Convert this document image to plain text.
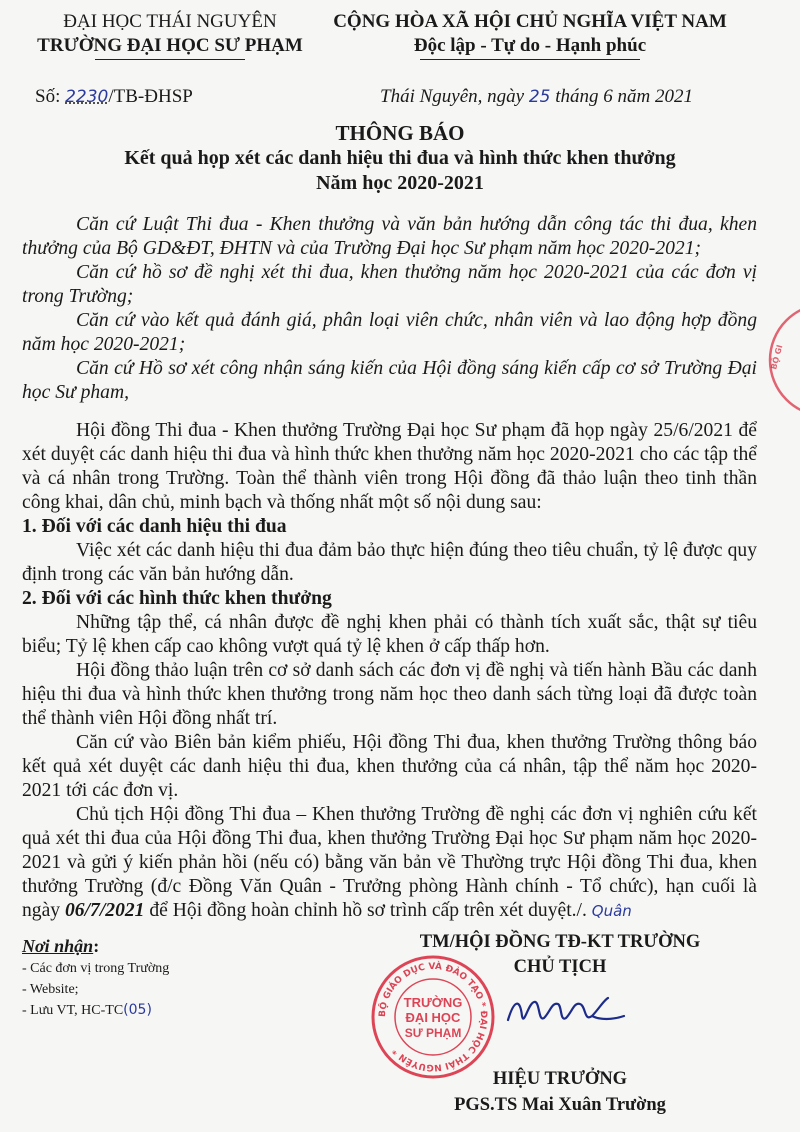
ĐẠI HỌC THÁI NGUYÊN
TRƯỜNG ĐẠI HỌC SƯ PHẠM
CỘNG HÒA XÃ HỘI CHỦ NGHĨA VIỆT NAM
Độc lập - Tự do - Hạnh phúc
Số: 2230/TB-ĐHSP	Thái Nguyên, ngày 25 tháng 6 năm 2021
THÔNG BÁO
Kết quả họp xét các danh hiệu thi đua và hình thức khen thưởng
Năm học 2020-2021

Căn cứ Luật Thi đua - Khen thưởng và văn bản hướng dẫn công tác thi đua, khen thưởng của Bộ GD&ĐT, ĐHTN và của Trường Đại học Sư phạm năm học 2020-2021;

Căn cứ hồ sơ đề nghị xét thi đua, khen thưởng năm học 2020-2021 của các đơn vị trong Trường;

Căn cứ vào kết quả đánh giá, phân loại viên chức, nhân viên và lao động hợp đồng năm học 2020-2021;

Căn cứ Hồ sơ xét công nhận sáng kiến của Hội đồng sáng kiến cấp cơ sở Trường Đại học Sư pham,

Hội đồng Thi đua - Khen thưởng Trường Đại học Sư phạm đã họp ngày 25/6/2021 để xét duyệt các danh hiệu thi đua và hình thức khen thưởng năm học 2020-2021 cho các tập thể và cá nhân trong Trường. Toàn thể thành viên trong Hội đồng đã thảo luận theo tinh thần công khai, dân chủ, minh bạch và thống nhất một số nội dung sau:

1. Đối với các danh hiệu thi đua

Việc xét các danh hiệu thi đua đảm bảo thực hiện đúng theo tiêu chuẩn, tỷ lệ được quy định trong các văn bản hướng dẫn.

2. Đối với các hình thức khen thưởng

Những tập thể, cá nhân được đề nghị khen phải có thành tích xuất sắc, thật sự tiêu biểu; Tỷ lệ khen cấp cao không vượt quá tỷ lệ khen ở cấp thấp hơn.

Hội đồng thảo luận trên cơ sở danh sách các đơn vị đề nghị và tiến hành Bầu các danh hiệu thi đua và hình thức khen thưởng trong năm học theo danh sách từng loại đã được toàn thể thành viên Hội đồng nhất trí.

Căn cứ vào Biên bản kiểm phiếu, Hội đồng Thi đua, khen thưởng Trường thông báo kết quả xét duyệt các danh hiệu thi đua, khen thưởng của cá nhân, tập thể năm học 2020-2021 tới các đơn vị.

Chủ tịch Hội đồng Thi đua – Khen thưởng Trường đề nghị các đơn vị nghiên cứu kết quả xét thi đua của Hội đồng Thi đua, khen thưởng Trường Đại học Sư phạm năm học 2020-2021 và gửi ý kiến phản hồi (nếu có) bằng văn bản về Thường trực Hội đồng Thi đua, khen thưởng Trường (đ/c Đồng Văn Quân - Trưởng phòng Hành chính - Tổ chức), hạn cuối là ngày 06/7/2021 để Hội đồng hoàn chỉnh hồ sơ trình cấp trên xét duyệt./. Quân

Nơi nhận:
- Các đơn vị trong Trường
- Website;
- Lưu VT, HC-TC(05)
TM/HỘI ĐỒNG TĐ-KT TRƯỜNG
CHỦ TỊCH
BỘ GIÁO DỤC VÀ ĐÀO TẠO * ĐẠI HỌC THÁI NGUYÊN *
TRƯỜNG
ĐẠI HỌC
SƯ PHẠM
HIỆU TRƯỞNG
PGS.TS Mai Xuân Trường
BỘ GI
